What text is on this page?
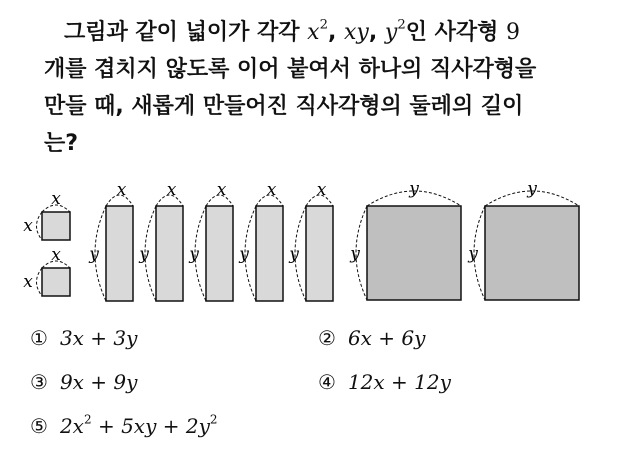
그림과 같이 넓이가 각각 $x^2$, xy, $y^2$인 사각형 9
개를 겹치지 않도록 이어 붙여서 하나의 직사각형을
만들 때, 새롭게 만들어진 직사각형의 둘레의 길이
는?

x
x
x
x
x
y
x
y
x
y
x
y
x
y
y
y
y
y
① 3x + 3y	② 6x + 6y
③ 9x + 9y	④ 12x + 12y
⑤ $2x^2 + 5xy + 2y^2$
